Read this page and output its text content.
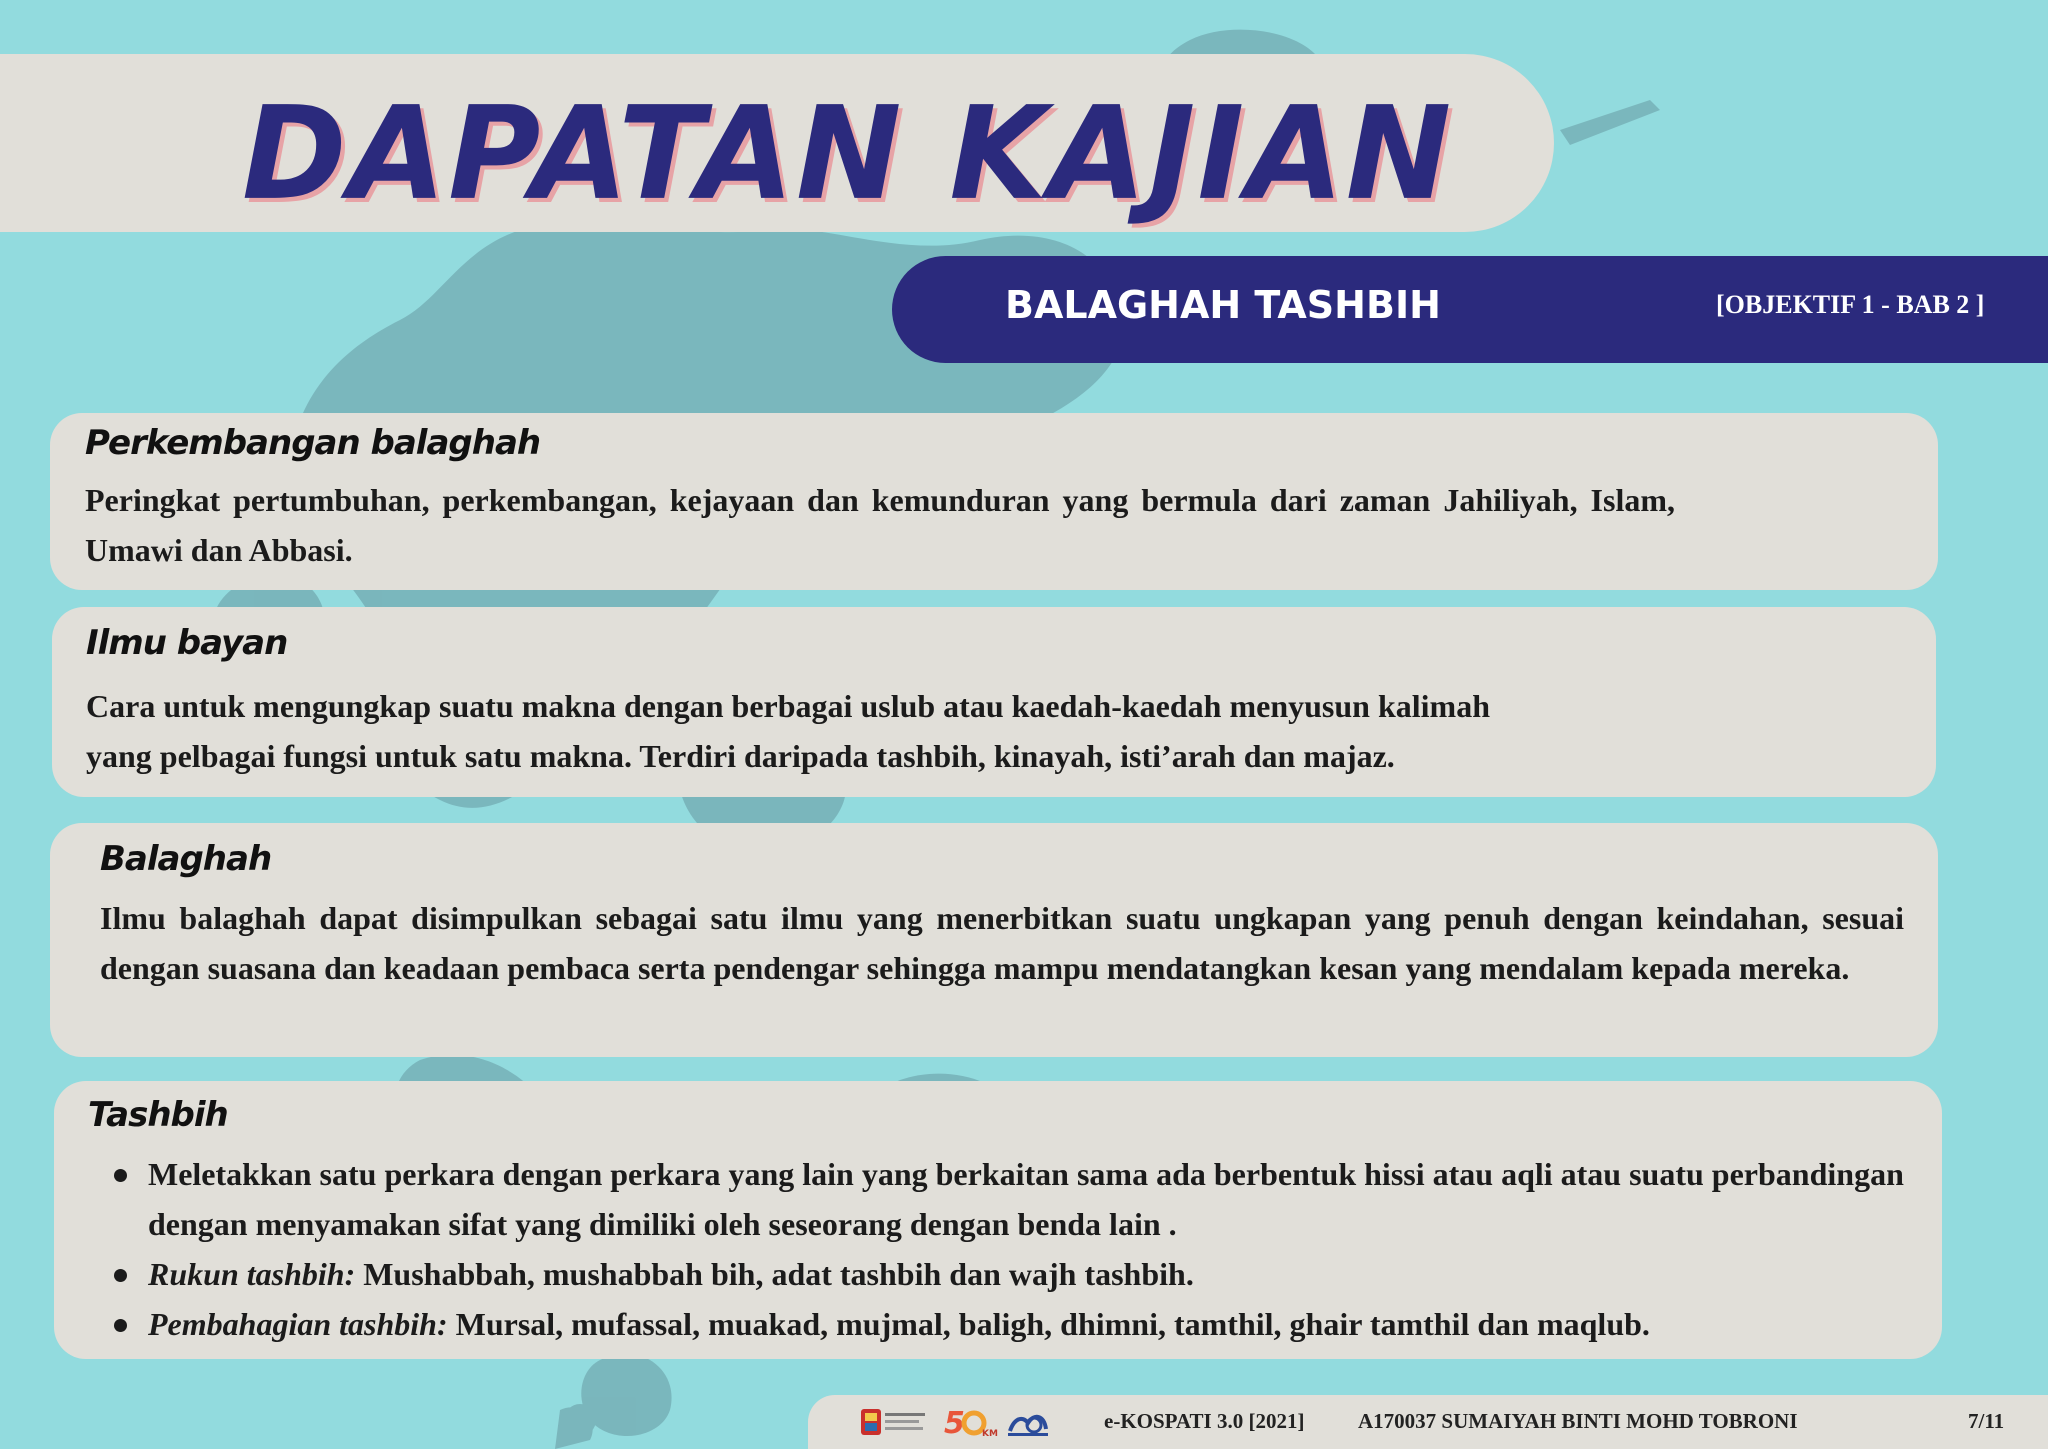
DAPATAN KAJIAN
BALAGHAH TASHBIH	[OBJEKTIF 1 - BAB 2 ]
Perkembangan balaghah

Peringkat pertumbuhan, perkembangan, kejayaan dan kemunduran yang bermula dari zaman Jahiliyah, Islam, Umawi dan Abbasi.

Ilmu bayan

Cara untuk mengungkap suatu makna dengan berbagai uslub atau kaedah-kaedah menyusun kalimah

yang pelbagai fungsi untuk satu makna. Terdiri daripada tashbih, kinayah, isti’arah dan majaz.

Balaghah

Ilmu balaghah dapat disimpulkan sebagai satu ilmu yang menerbitkan suatu ungkapan yang penuh dengan keindahan, sesuai dengan suasana dan keadaan pembaca serta pendengar sehingga mampu mendatangkan kesan yang mendalam kepada mereka.

Tashbih
Meletakkan satu perkara dengan perkara yang lain yang berkaitan sama ada berbentuk hissi atau aqli atau suatu perbandingan dengan menyamakan sifat yang dimiliki oleh seseorang dengan benda lain .
Rukun tashbih: Mushabbah, mushabbah bih, adat tashbih dan wajh tashbih.
Pembahagian tashbih: Mursal, mufassal, muakad, mujmal, baligh, dhimni, tamthil, ghair tamthil dan maqlub.
5 KM
e-KOSPATI 3.0 [2021]	A170037 SUMAIYAH BINTI MOHD TOBRONI	7/11
